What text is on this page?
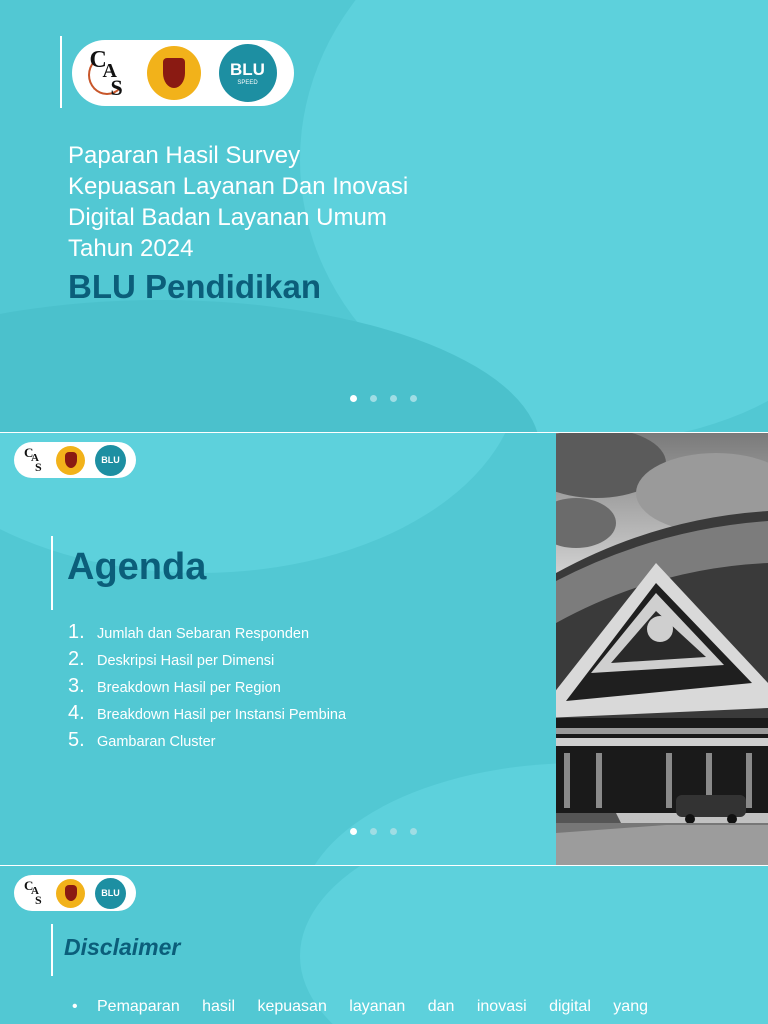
C
A
S
BLU
SPEED
Paparan Hasil Survey
Kepuasan Layanan Dan Inovasi
Digital Badan Layanan Umum
Tahun 2024
BLU Pendidikan
C
A
S	BLU
Agenda
1. Jumlah dan Sebaran Responden
2. Deskripsi Hasil per Dimensi
3. Breakdown Hasil per Region
4. Breakdown Hasil per Instansi Pembina
5. Gambaran Cluster
C
A
S	BLU
Disclaimer
•	Pemaparan hasil kepuasan layanan dan inovasi digital yang
